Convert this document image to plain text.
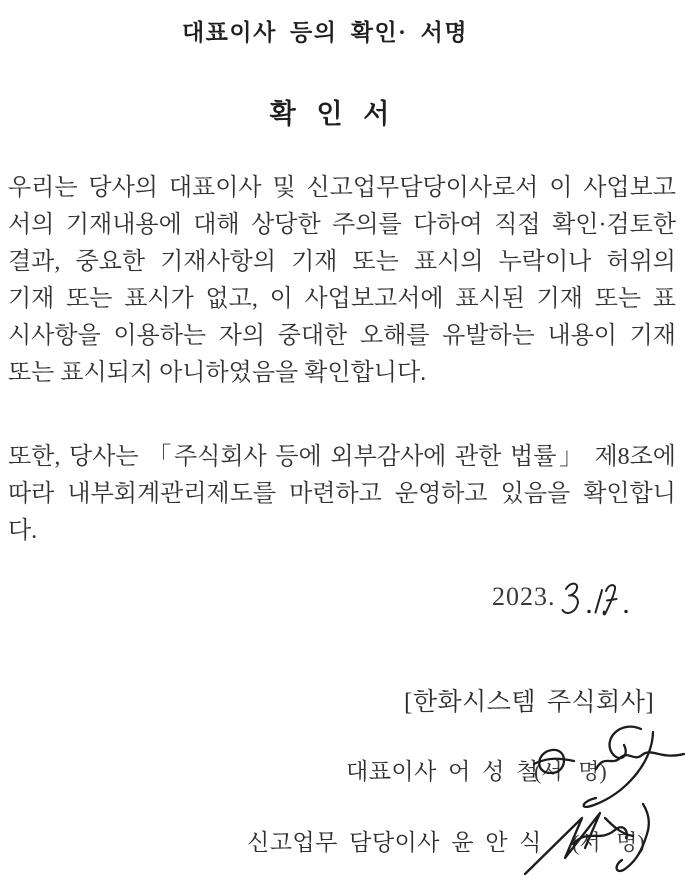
대표이사 등의 확인· 서명
확 인 서
우리는 당사의 대표이사 및 신고업무담당이사로서 이 사업보고
서의 기재내용에 대해 상당한 주의를 다하여 직접 확인·검토한
결과, 중요한 기재사항의 기재 또는 표시의 누락이나 허위의
기재 또는 표시가 없고, 이 사업보고서에 표시된 기재 또는 표
시사항을 이용하는 자의 중대한 오해를 유발하는 내용이 기재
또는 표시되지 아니하였음을 확인합니다.
또한, 당사는 「주식회사 등에 외부감사에 관한 법률」 제8조에
따라 내부회계관리제도를 마련하고 운영하고 있음을 확인합니
다.
2023.
[한화시스템 주식회사]
대표이사 어 성 철
(서 명)
신고업무 담당이사 윤 안 식 (서 명)
